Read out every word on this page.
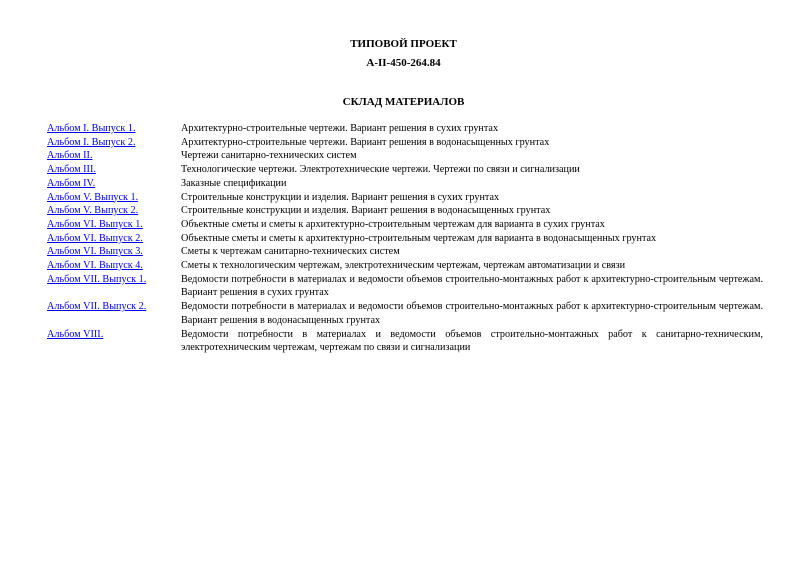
ТИПОВОЙ ПРОЕКТ
А-II-450-264.84
СКЛАД МАТЕРИАЛОВ
Альбом I. Выпуск 1.	Архитектурно-строительные чертежи. Вариант решения в сухих грунтах
Альбом I. Выпуск 2.	Архитектурно-строительные чертежи. Вариант решения в водонасыщенных грунтах
Альбом II.	Чертежи санитарно-технических систем
Альбом III.	Технологические чертежи. Электротехнические чертежи. Чертежи по связи и сигнализации
Альбом IV.	Заказные спецификации
Альбом V. Выпуск 1.	Строительные конструкции и изделия. Вариант решения в сухих грунтах
Альбом V. Выпуск 2.	Строительные конструкции и изделия. Вариант решения в водонасыщенных грунтах
Альбом VI. Выпуск 1.	Объектные сметы и сметы к архитектурно-строительным чертежам для варианта в сухих грунтах
Альбом VI. Выпуск 2.	Объектные сметы и сметы к архитектурно-строительным чертежам для варианта в водонасыщенных грунтах
Альбом VI. Выпуск 3.	Сметы к чертежам санитарно-технических систем
Альбом VI. Выпуск 4.	Сметы к технологическим чертежам, электротехническим чертежам, чертежам автоматизации и связи
Альбом VII. Выпуск 1.	Ведомости потребности в материалах и ведомости объемов строительно-монтажных работ к архитектурно-строительным чертежам. Вариант решения в сухих грунтах
Альбом VII. Выпуск 2.	Ведомости потребности в материалах и ведомости объемов строительно-монтажных работ к архитектурно-строительным чертежам. Вариант решения в водонасыщенных грунтах
Альбом VIII.	Ведомости потребности в материалах и ведомости объемов строительно-монтажных работ к санитарно-техническим, электротехническим чертежам, чертежам по связи и сигнализации
